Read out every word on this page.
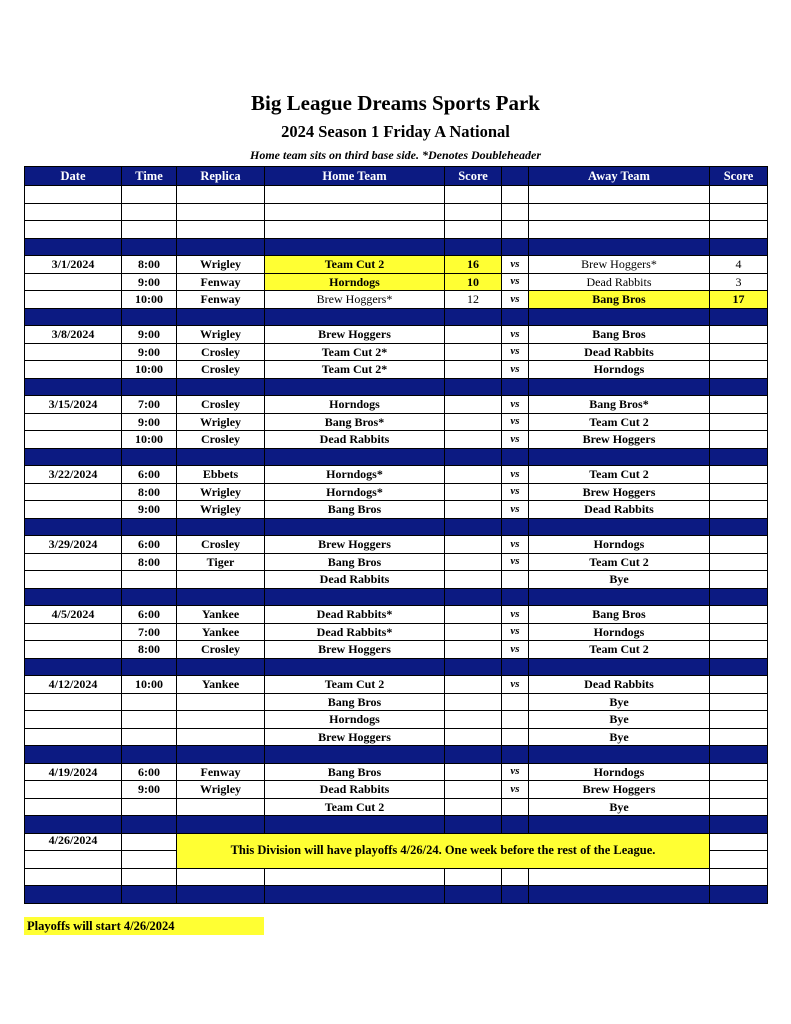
Big League Dreams Sports Park
2024 Season 1 Friday A National
Home team sits on third base side. *Denotes Doubleheader
Date	Time	Replica	Home Team	Score		Away Team	Score

3/1/2024	8:00	Wrigley	Team Cut 2	16	vs	Brew Hoggers*	4
	9:00	Fenway	Horndogs	10	vs	Dead Rabbits	3
	10:00	Fenway	Brew Hoggers*	12	vs	Bang Bros	17

3/8/2024	9:00	Wrigley	Brew Hoggers		vs	Bang Bros	
	9:00	Crosley	Team Cut 2*		vs	Dead Rabbits	
	10:00	Crosley	Team Cut 2*		vs	Horndogs	

3/15/2024	7:00	Crosley	Horndogs		vs	Bang Bros*	
	9:00	Wrigley	Bang Bros*		vs	Team Cut 2	
	10:00	Crosley	Dead Rabbits		vs	Brew Hoggers	

3/22/2024	6:00	Ebbets	Horndogs*		vs	Team Cut 2	
	8:00	Wrigley	Horndogs*		vs	Brew Hoggers	
	9:00	Wrigley	Bang Bros		vs	Dead Rabbits	

3/29/2024	6:00	Crosley	Brew Hoggers		vs	Horndogs	
	8:00	Tiger	Bang Bros		vs	Team Cut 2	
			Dead Rabbits			Bye	

4/5/2024	6:00	Yankee	Dead Rabbits*		vs	Bang Bros	
	7:00	Yankee	Dead Rabbits*		vs	Horndogs	
	8:00	Crosley	Brew Hoggers		vs	Team Cut 2	

4/12/2024	10:00	Yankee	Team Cut 2		vs	Dead Rabbits	
			Bang Bros			Bye	
			Horndogs			Bye	
			Brew Hoggers			Bye	

4/19/2024	6:00	Fenway	Bang Bros		vs	Horndogs	
	9:00	Wrigley	Dead Rabbits		vs	Brew Hoggers	
			Team Cut 2			Bye	

4/26/2024		This Division will have playoffs 4/26/24. One week before the rest of the League.					

Playoffs will start 4/26/2024
